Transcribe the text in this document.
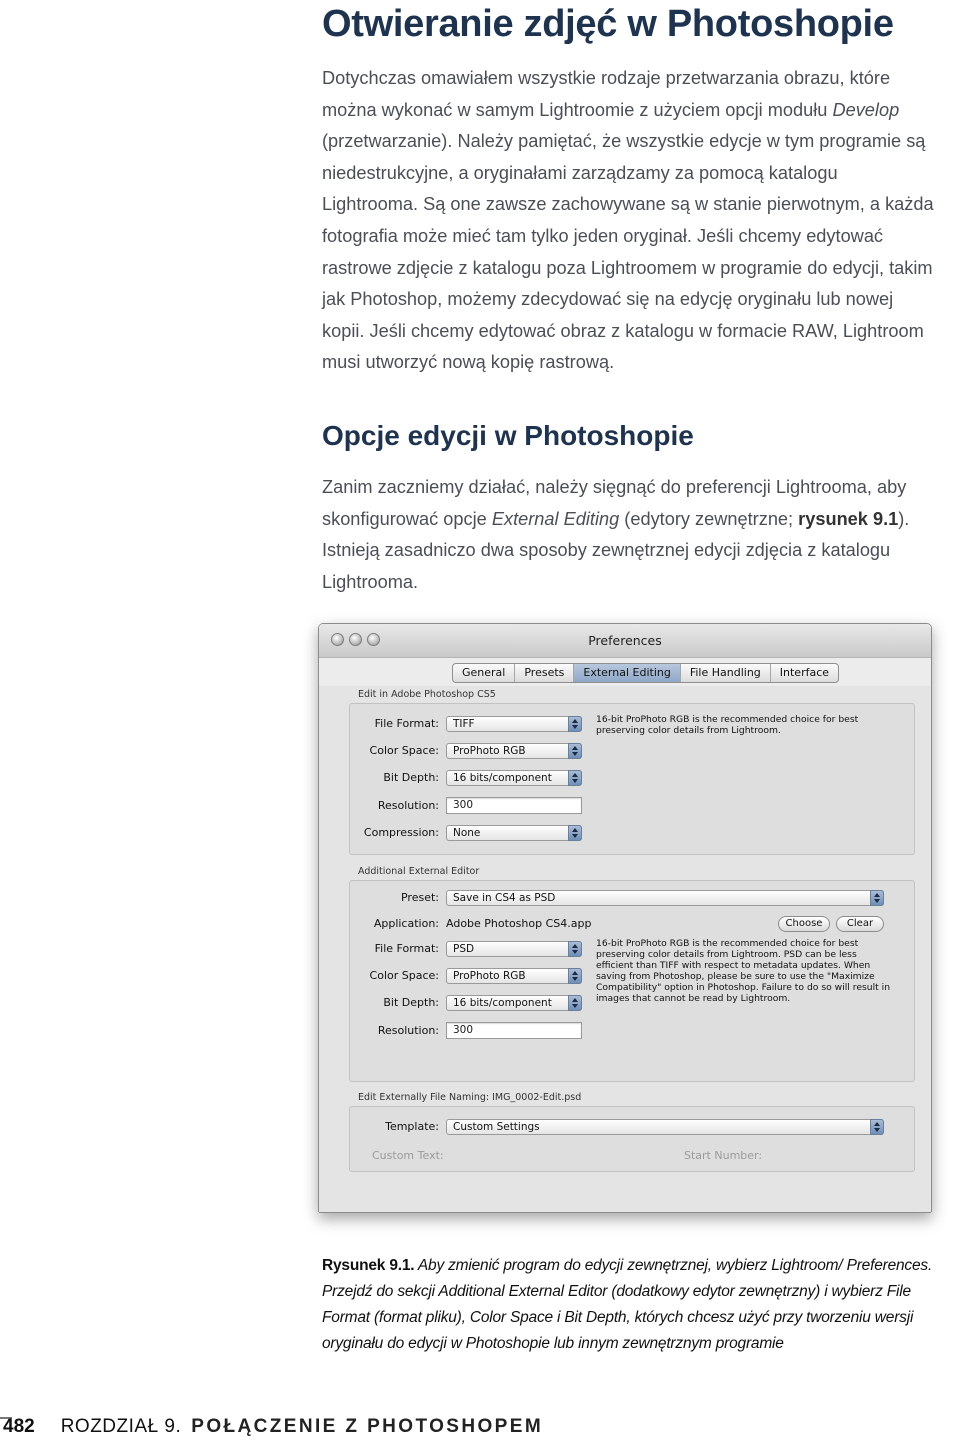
Otwieranie zdjęć w Photoshopie

Dotychczas omawiałem wszystkie rodzaje przetwarzania obrazu, które można wykonać w samym Lightroomie z użyciem opcji modułu Develop (przetwarzanie). Należy pamiętać, że wszystkie edycje w tym programie są niedestrukcyjne, a oryginałami zarządzamy za pomocą katalogu Lightrooma. Są one zawsze zachowywane są w stanie pierwotnym, a każda fotografia może mieć tam tylko jeden oryginał. Jeśli chcemy edytować rastrowe zdjęcie z katalogu poza Lightroomem w programie do edycji, takim jak Photoshop, możemy zdecydować się na edycję oryginału lub nowej kopii. Jeśli chcemy edytować obraz z katalogu w formacie RAW, Lightroom musi utworzyć nową kopię rastrową.

Opcje edycji w Photoshopie

Zanim zaczniemy działać, należy sięgnąć do preferencji Lightrooma, aby skonfigurować opcje External Editing (edytory zewnętrzne; rysunek 9.1). Istnieją zasadniczo dwa sposoby zewnętrznej edycji zdjęcia z katalogu Lightrooma.

Preferences
General	Presets	External Editing	File Handling	Interface
Edit in Adobe Photoshop CS5
File Format:	TIFF
Color Space:	ProPhoto RGB
Bit Depth:	16 bits/component
Resolution:	300
Compression:	None
16-bit ProPhoto RGB is the recommended choice for best preserving color details from Lightroom.
Additional External Editor
Preset:	Save in CS4 as PSD
Application: Adobe Photoshop CS4.app	Choose	Clear
File Format:	PSD
Color Space:	ProPhoto RGB
Bit Depth:	16 bits/component
Resolution:	300
16-bit ProPhoto RGB is the recommended choice for best preserving color details from Lightroom. PSD can be less efficient than TIFF with respect to metadata updates. When saving from Photoshop, please be sure to use the "Maximize Compatibility" option in Photoshop. Failure to do so will result in images that cannot be read by Lightroom.
Edit Externally File Naming: IMG_0002-Edit.psd
Template:	Custom Settings
Custom Text:	Start Number:

Rysunek 9.1. Aby zmienić program do edycji zewnętrznej, wybierz Lightroom/ Preferences. Przejdź do sekcji Additional External Editor (dodatkowy edytor zewnętrzny) i wybierz File Format (format pliku), Color Space i Bit Depth, których chcesz użyć przy tworzeniu wersji oryginału do edycji w Photoshopie lub innym zewnętrznym programie

482 ROZDZIAŁ 9. POŁĄCZENIE Z PHOTOSHOPEM
